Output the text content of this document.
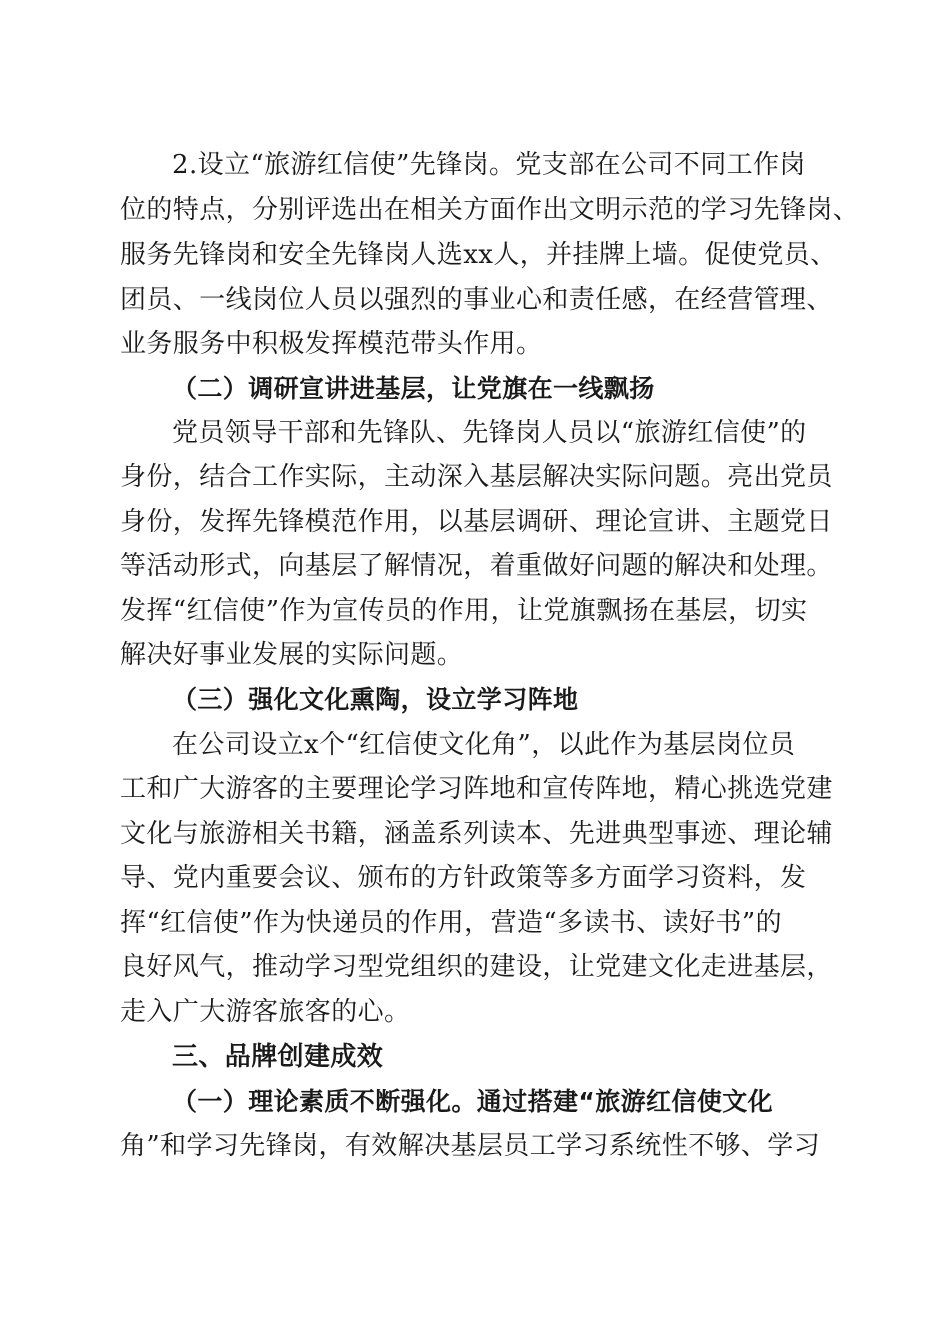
2.设立“旅游红信使”先锋岗。党支部在公司不同工作岗
位的特点，分别评选出在相关方面作出文明示范的学习先锋岗、
服务先锋岗和安全先锋岗人选xx人，并挂牌上墙。促使党员、
团员、一线岗位人员以强烈的事业心和责任感，在经营管理、
业务服务中积极发挥模范带头作用。
（二）调研宣讲进基层，让党旗在一线飘扬
党员领导干部和先锋队、先锋岗人员以“旅游红信使”的
身份，结合工作实际，主动深入基层解决实际问题。亮出党员
身份，发挥先锋模范作用，以基层调研、理论宣讲、主题党日
等活动形式，向基层了解情况，着重做好问题的解决和处理。
发挥“红信使”作为宣传员的作用，让党旗飘扬在基层，切实
解决好事业发展的实际问题。
（三）强化文化熏陶，设立学习阵地
在公司设立x个“红信使文化角”，以此作为基层岗位员
工和广大游客的主要理论学习阵地和宣传阵地，精心挑选党建
文化与旅游相关书籍，涵盖系列读本、先进典型事迹、理论辅
导、党内重要会议、颁布的方针政策等多方面学习资料，发
挥“红信使”作为快递员的作用，营造“多读书、读好书”的
良好风气，推动学习型党组织的建设，让党建文化走进基层，
走入广大游客旅客的心。
三、品牌创建成效
（一）理论素质不断强化。通过搭建“旅游红信使文化
角”和学习先锋岗，有效解决基层员工学习系统性不够、学习
